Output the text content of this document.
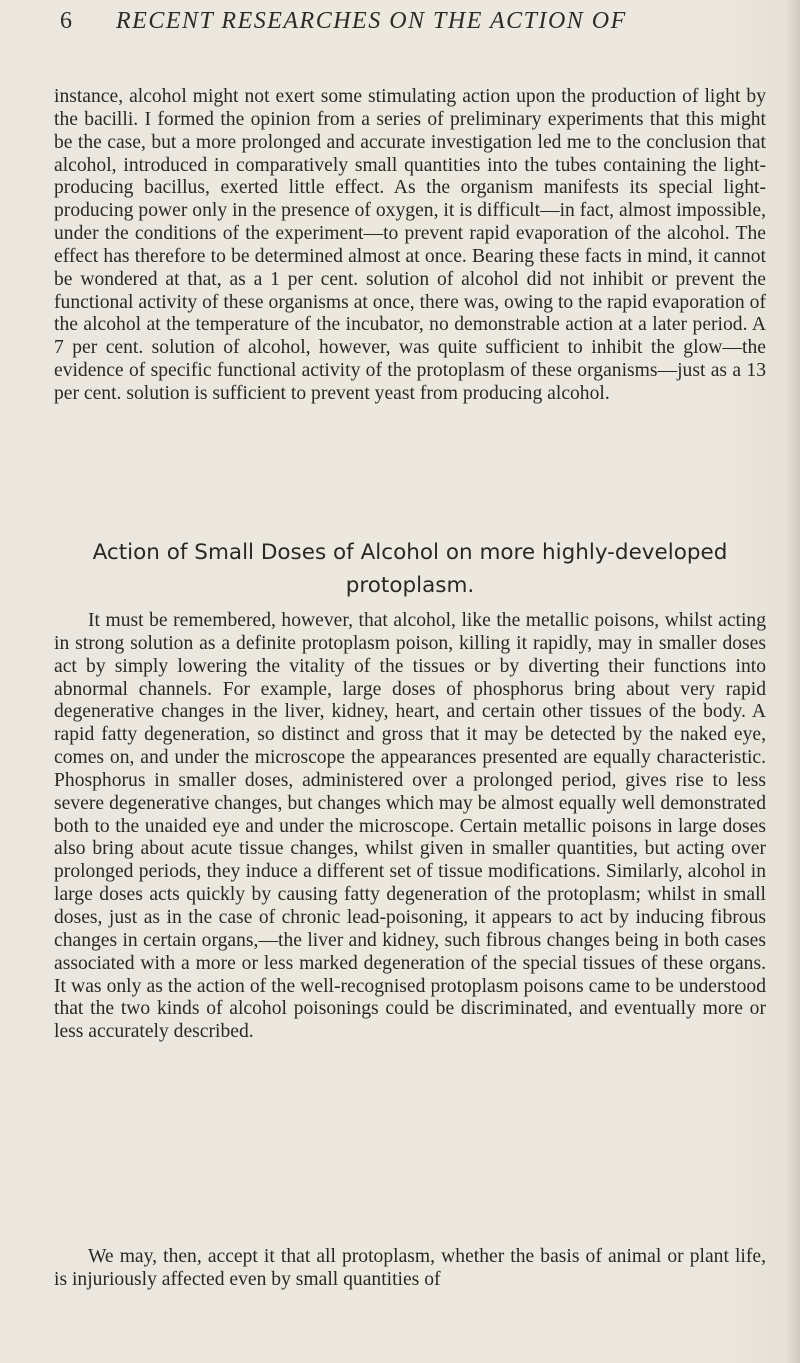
6 RECENT RESEARCHES ON THE ACTION OF

instance, alcohol might not exert some stimulating action upon the production of light by the bacilli. I formed the opinion from a series of preliminary experiments that this might be the case, but a more prolonged and accurate investigation led me to the conclusion that alcohol, introduced in comparatively small quantities into the tubes containing the light-producing bacillus, exerted little effect. As the organism manifests its special light-producing power only in the presence of oxygen, it is difficult—in fact, almost impossible, under the conditions of the experiment—to prevent rapid evaporation of the alcohol. The effect has therefore to be determined almost at once. Bearing these facts in mind, it cannot be wondered at that, as a 1 per cent. solution of alcohol did not inhibit or prevent the functional activity of these organisms at once, there was, owing to the rapid evaporation of the alcohol at the temperature of the incubator, no demonstrable action at a later period. A 7 per cent. solution of alcohol, however, was quite sufficient to inhibit the glow—the evidence of specific functional activity of the protoplasm of these organisms—just as a 13 per cent. solution is sufficient to prevent yeast from producing alcohol.

Action of Small Doses of Alcohol on more highly-developed protoplasm.

It must be remembered, however, that alcohol, like the metallic poisons, whilst acting in strong solution as a definite protoplasm poison, killing it rapidly, may in smaller doses act by simply lowering the vitality of the tissues or by diverting their functions into abnormal channels. For example, large doses of phosphorus bring about very rapid degenerative changes in the liver, kidney, heart, and certain other tissues of the body. A rapid fatty degeneration, so distinct and gross that it may be detected by the naked eye, comes on, and under the microscope the appearances presented are equally characteristic. Phosphorus in smaller doses, administered over a prolonged period, gives rise to less severe degenerative changes, but changes which may be almost equally well demonstrated both to the unaided eye and under the microscope. Certain metallic poisons in large doses also bring about acute tissue changes, whilst given in smaller quantities, but acting over prolonged periods, they induce a different set of tissue modifications. Similarly, alcohol in large doses acts quickly by causing fatty degeneration of the protoplasm; whilst in small doses, just as in the case of chronic lead-poisoning, it appears to act by inducing fibrous changes in certain organs,—the liver and kidney, such fibrous changes being in both cases associated with a more or less marked degeneration of the special tissues of these organs. It was only as the action of the well-recognised protoplasm poisons came to be understood that the two kinds of alcohol poisonings could be discriminated, and eventually more or less accurately described.

We may, then, accept it that all protoplasm, whether the basis of animal or plant life, is injuriously affected even by small quantities of
